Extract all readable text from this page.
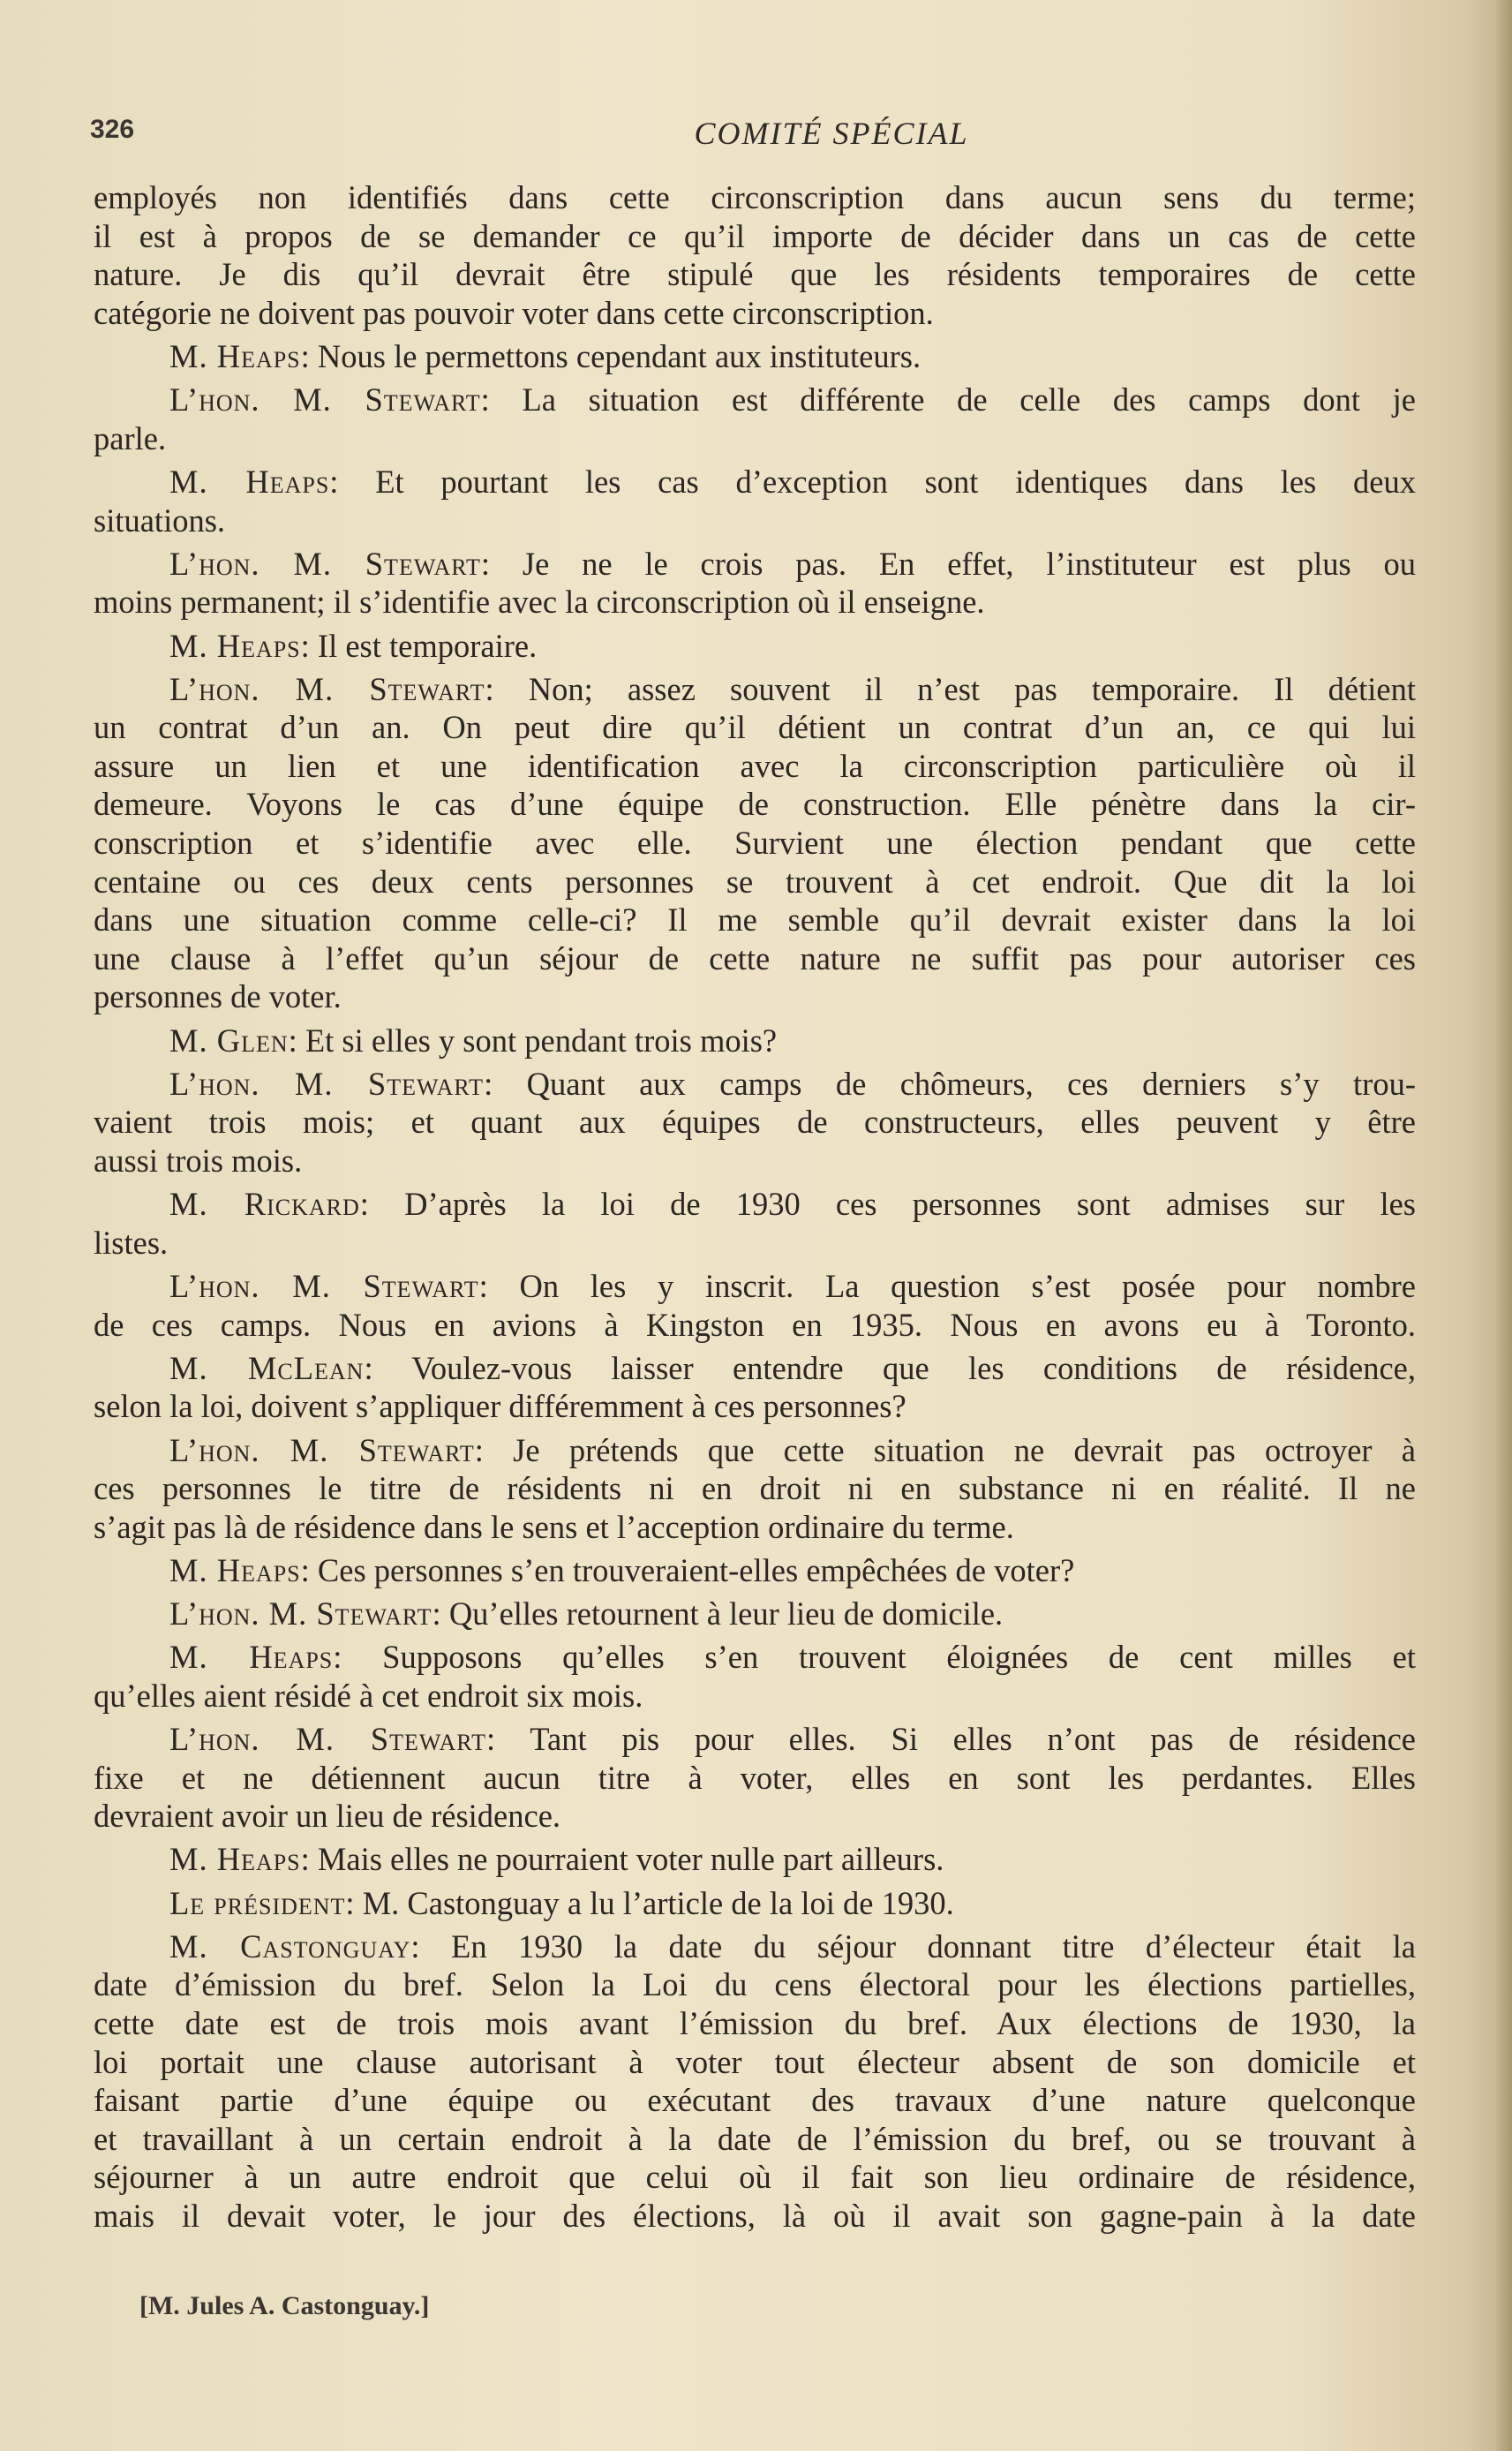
326	COMITÉ SPÉCIAL
employés non identifiés dans cette circonscription dans aucun sens du terme;
il est à propos de se demander ce qu’il importe de décider dans un cas de cette
nature. Je dis qu’il devrait être stipulé que les résidents temporaires de cette
catégorie ne doivent pas pouvoir voter dans cette circonscription.
M. Heaps: Nous le permettons cependant aux instituteurs.
L’hon. M. Stewart: La situation est différente de celle des camps dont je
parle.
M. Heaps: Et pourtant les cas d’exception sont identiques dans les deux
situations.
L’hon. M. Stewart: Je ne le crois pas. En effet, l’instituteur est plus ou
moins permanent; il s’identifie avec la circonscription où il enseigne.
M. Heaps: Il est temporaire.
L’hon. M. Stewart: Non; assez souvent il n’est pas temporaire. Il détient
un contrat d’un an. On peut dire qu’il détient un contrat d’un an, ce qui lui
assure un lien et une identification avec la circonscription particulière où il
demeure. Voyons le cas d’une équipe de construction. Elle pénètre dans la cir-
conscription et s’identifie avec elle. Survient une élection pendant que cette
centaine ou ces deux cents personnes se trouvent à cet endroit. Que dit la loi
dans une situation comme celle-ci? Il me semble qu’il devrait exister dans la loi
une clause à l’effet qu’un séjour de cette nature ne suffit pas pour autoriser ces
personnes de voter.
M. Glen: Et si elles y sont pendant trois mois?
L’hon. M. Stewart: Quant aux camps de chômeurs, ces derniers s’y trou-
vaient trois mois; et quant aux équipes de constructeurs, elles peuvent y être
aussi trois mois.
M. Rickard: D’après la loi de 1930 ces personnes sont admises sur les
listes.
L’hon. M. Stewart: On les y inscrit. La question s’est posée pour nombre
de ces camps. Nous en avions à Kingston en 1935. Nous en avons eu à Toronto.
M. McLean: Voulez-vous laisser entendre que les conditions de résidence,
selon la loi, doivent s’appliquer différemment à ces personnes?
L’hon. M. Stewart: Je prétends que cette situation ne devrait pas octroyer à
ces personnes le titre de résidents ni en droit ni en substance ni en réalité. Il ne
s’agit pas là de résidence dans le sens et l’acception ordinaire du terme.
M. Heaps: Ces personnes s’en trouveraient-elles empêchées de voter?
L’hon. M. Stewart: Qu’elles retournent à leur lieu de domicile.
M. Heaps: Supposons qu’elles s’en trouvent éloignées de cent milles et
qu’elles aient résidé à cet endroit six mois.
L’hon. M. Stewart: Tant pis pour elles. Si elles n’ont pas de résidence
fixe et ne détiennent aucun titre à voter, elles en sont les perdantes. Elles
devraient avoir un lieu de résidence.
M. Heaps: Mais elles ne pourraient voter nulle part ailleurs.
Le président: M. Castonguay a lu l’article de la loi de 1930.
M. Castonguay: En 1930 la date du séjour donnant titre d’électeur était la
date d’émission du bref. Selon la Loi du cens électoral pour les élections partielles,
cette date est de trois mois avant l’émission du bref. Aux élections de 1930, la
loi portait une clause autorisant à voter tout électeur absent de son domicile et
faisant partie d’une équipe ou exécutant des travaux d’une nature quelconque
et travaillant à un certain endroit à la date de l’émission du bref, ou se trouvant à
séjourner à un autre endroit que celui où il fait son lieu ordinaire de résidence,
mais il devait voter, le jour des élections, là où il avait son gagne-pain à la date
[M. Jules A. Castonguay.]
